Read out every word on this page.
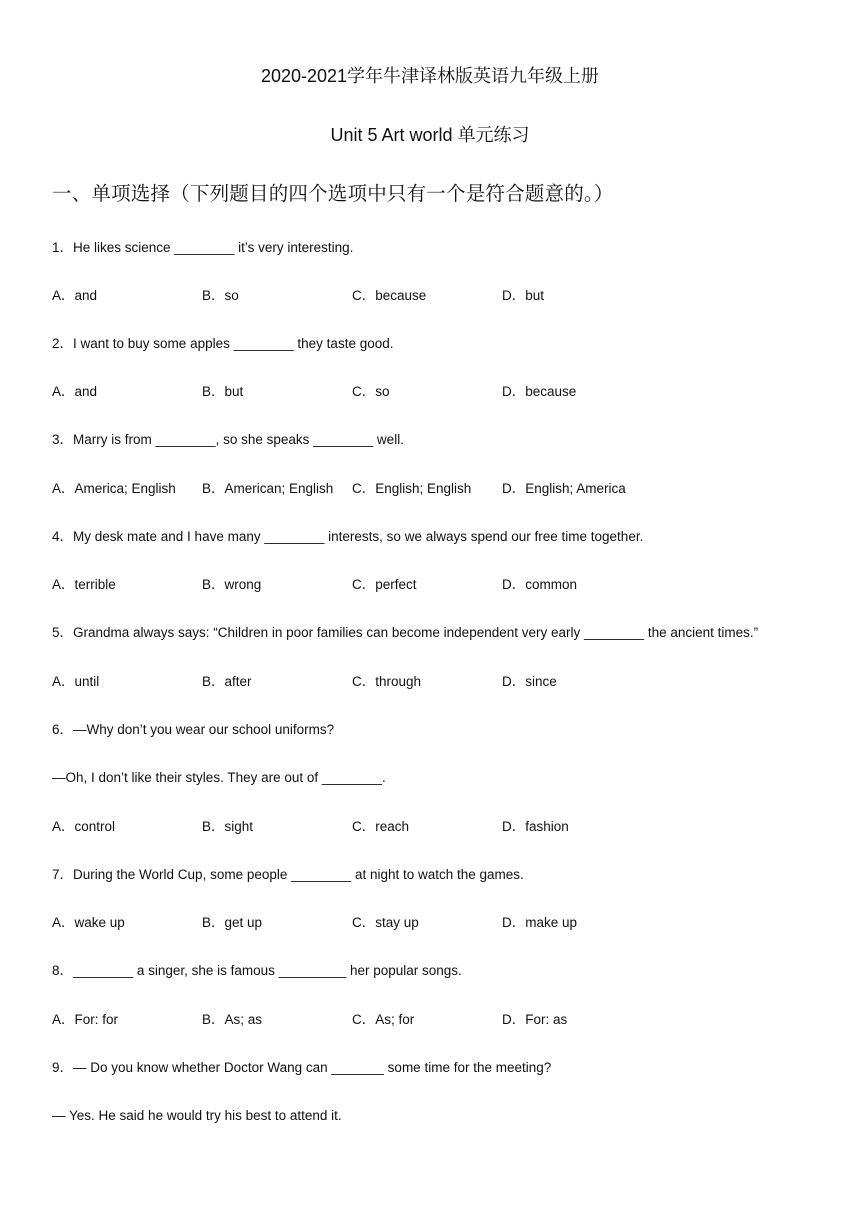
2020-2021学年牛津译林版英语九年级上册
Unit 5 Art world 单元练习
一、单项选择（下列题目的四个选项中只有一个是符合题意的。）
1．He likes science ________ it’s very interesting.
A．and	B．so	C．because	D．but
2．I want to buy some apples ________ they taste good.
A．and	B．but	C．so	D．because
3．Marry is from ________, so she speaks ________ well.
A．America; English B．American; English C．English; English D．English; America
4．My desk mate and I have many ________ interests, so we always spend our free time together.
A．terrible	B．wrong	C．perfect	D．common
5．Grandma always says: “Children in poor families can become independent very early ________ the ancient times.”
A．until	B．after	C．through	D．since
6．—Why don’t you wear our school uniforms?
—Oh, I don’t like their styles. They are out of ________.
A．control	B．sight	C．reach	D．fashion
7．During the World Cup, some people ________ at night to watch the games.
A．wake up	B．get up	C．stay up	D．make up
8．________ a singer, she is famous _________ her popular songs.
A．For: for	B．As; as	C．As; for	D．For: as
9．— Do you know whether Doctor Wang can _______ some time for the meeting?
— Yes. He said he would try his best to attend it.
